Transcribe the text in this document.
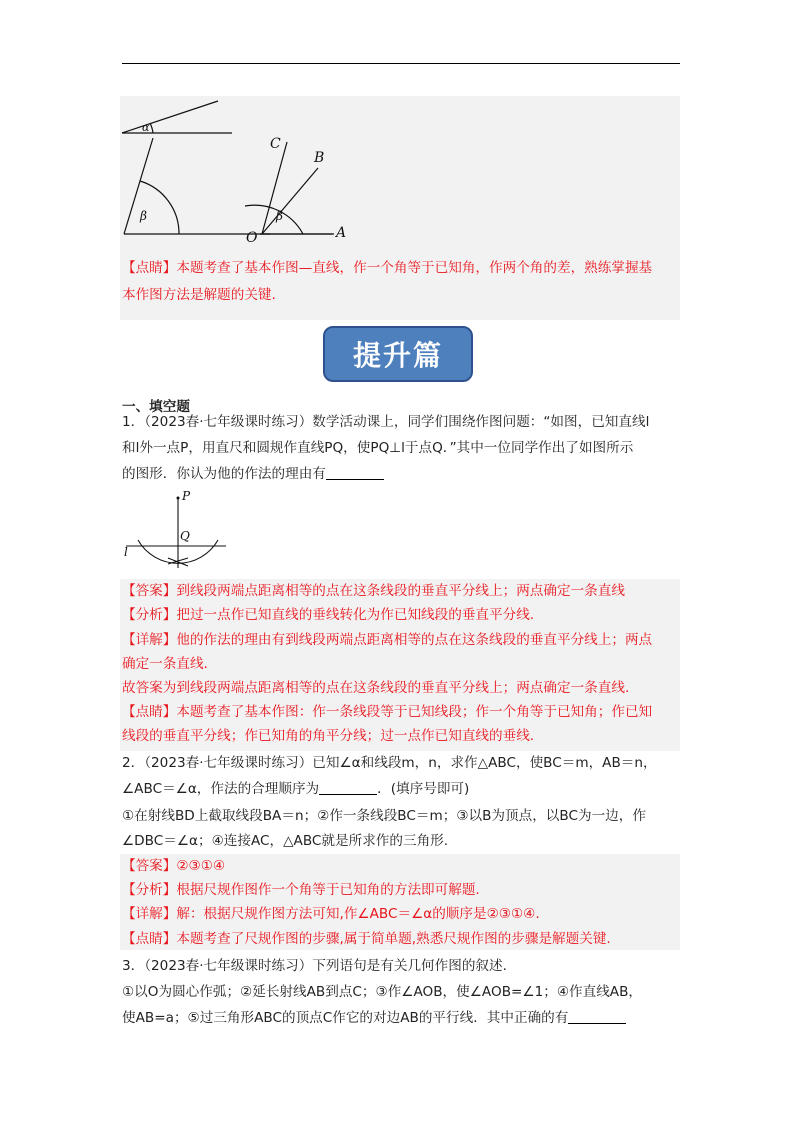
α
β
C
B
O
β
A
【点睛】本题考查了基本作图—直线，作一个角等于已知角，作两个角的差，熟练掌握基
本作图方法是解题的关键.
提升篇
一、填空题
1．（2023春·七年级课时练习）数学活动课上，同学们围绕作图问题：“如图，已知直线l
和l外一点P，用直尺和圆规作直线PQ，使PQ⊥l于点Q．”其中一位同学作出了如图所示
的图形．你认为他的作法的理由有
P
Q
l
【答案】到线段两端点距离相等的点在这条线段的垂直平分线上；两点确定一条直线
【分析】把过一点作已知直线的垂线转化为作已知线段的垂直平分线.
【详解】他的作法的理由有到线段两端点距离相等的点在这条线段的垂直平分线上；两点
确定一条直线.
故答案为到线段两端点距离相等的点在这条线段的垂直平分线上；两点确定一条直线.
【点睛】本题考查了基本作图：作一条线段等于已知线段；作一个角等于已知角；作已知
线段的垂直平分线；作已知角的角平分线；过一点作已知直线的垂线.
2．（2023春·七年级课时练习）已知∠α和线段m，n，求作△ABC，使BC＝m，AB＝n，
∠ABC＝∠α，作法的合理顺序为	．(填序号即可)
①在射线BD上截取线段BA＝n；②作一条线段BC＝m；③以B为顶点，以BC为一边，作
∠DBC＝∠α；④连接AC，△ABC就是所求作的三角形.
【答案】②③①④
【分析】根据尺规作图作一个角等于已知角的方法即可解题.
【详解】解：根据尺规作图方法可知,作∠ABC＝∠α的顺序是②③①④.
【点睛】本题考查了尺规作图的步骤,属于简单题,熟悉尺规作图的步骤是解题关键.
3．（2023春·七年级课时练习）下列语句是有关几何作图的叙述.
①以O为圆心作弧；②延长射线AB到点C；③作∠AOB，使∠AOB=∠1；④作直线AB，
使AB=a；⑤过三角形ABC的顶点C作它的对边AB的平行线．其中正确的有
